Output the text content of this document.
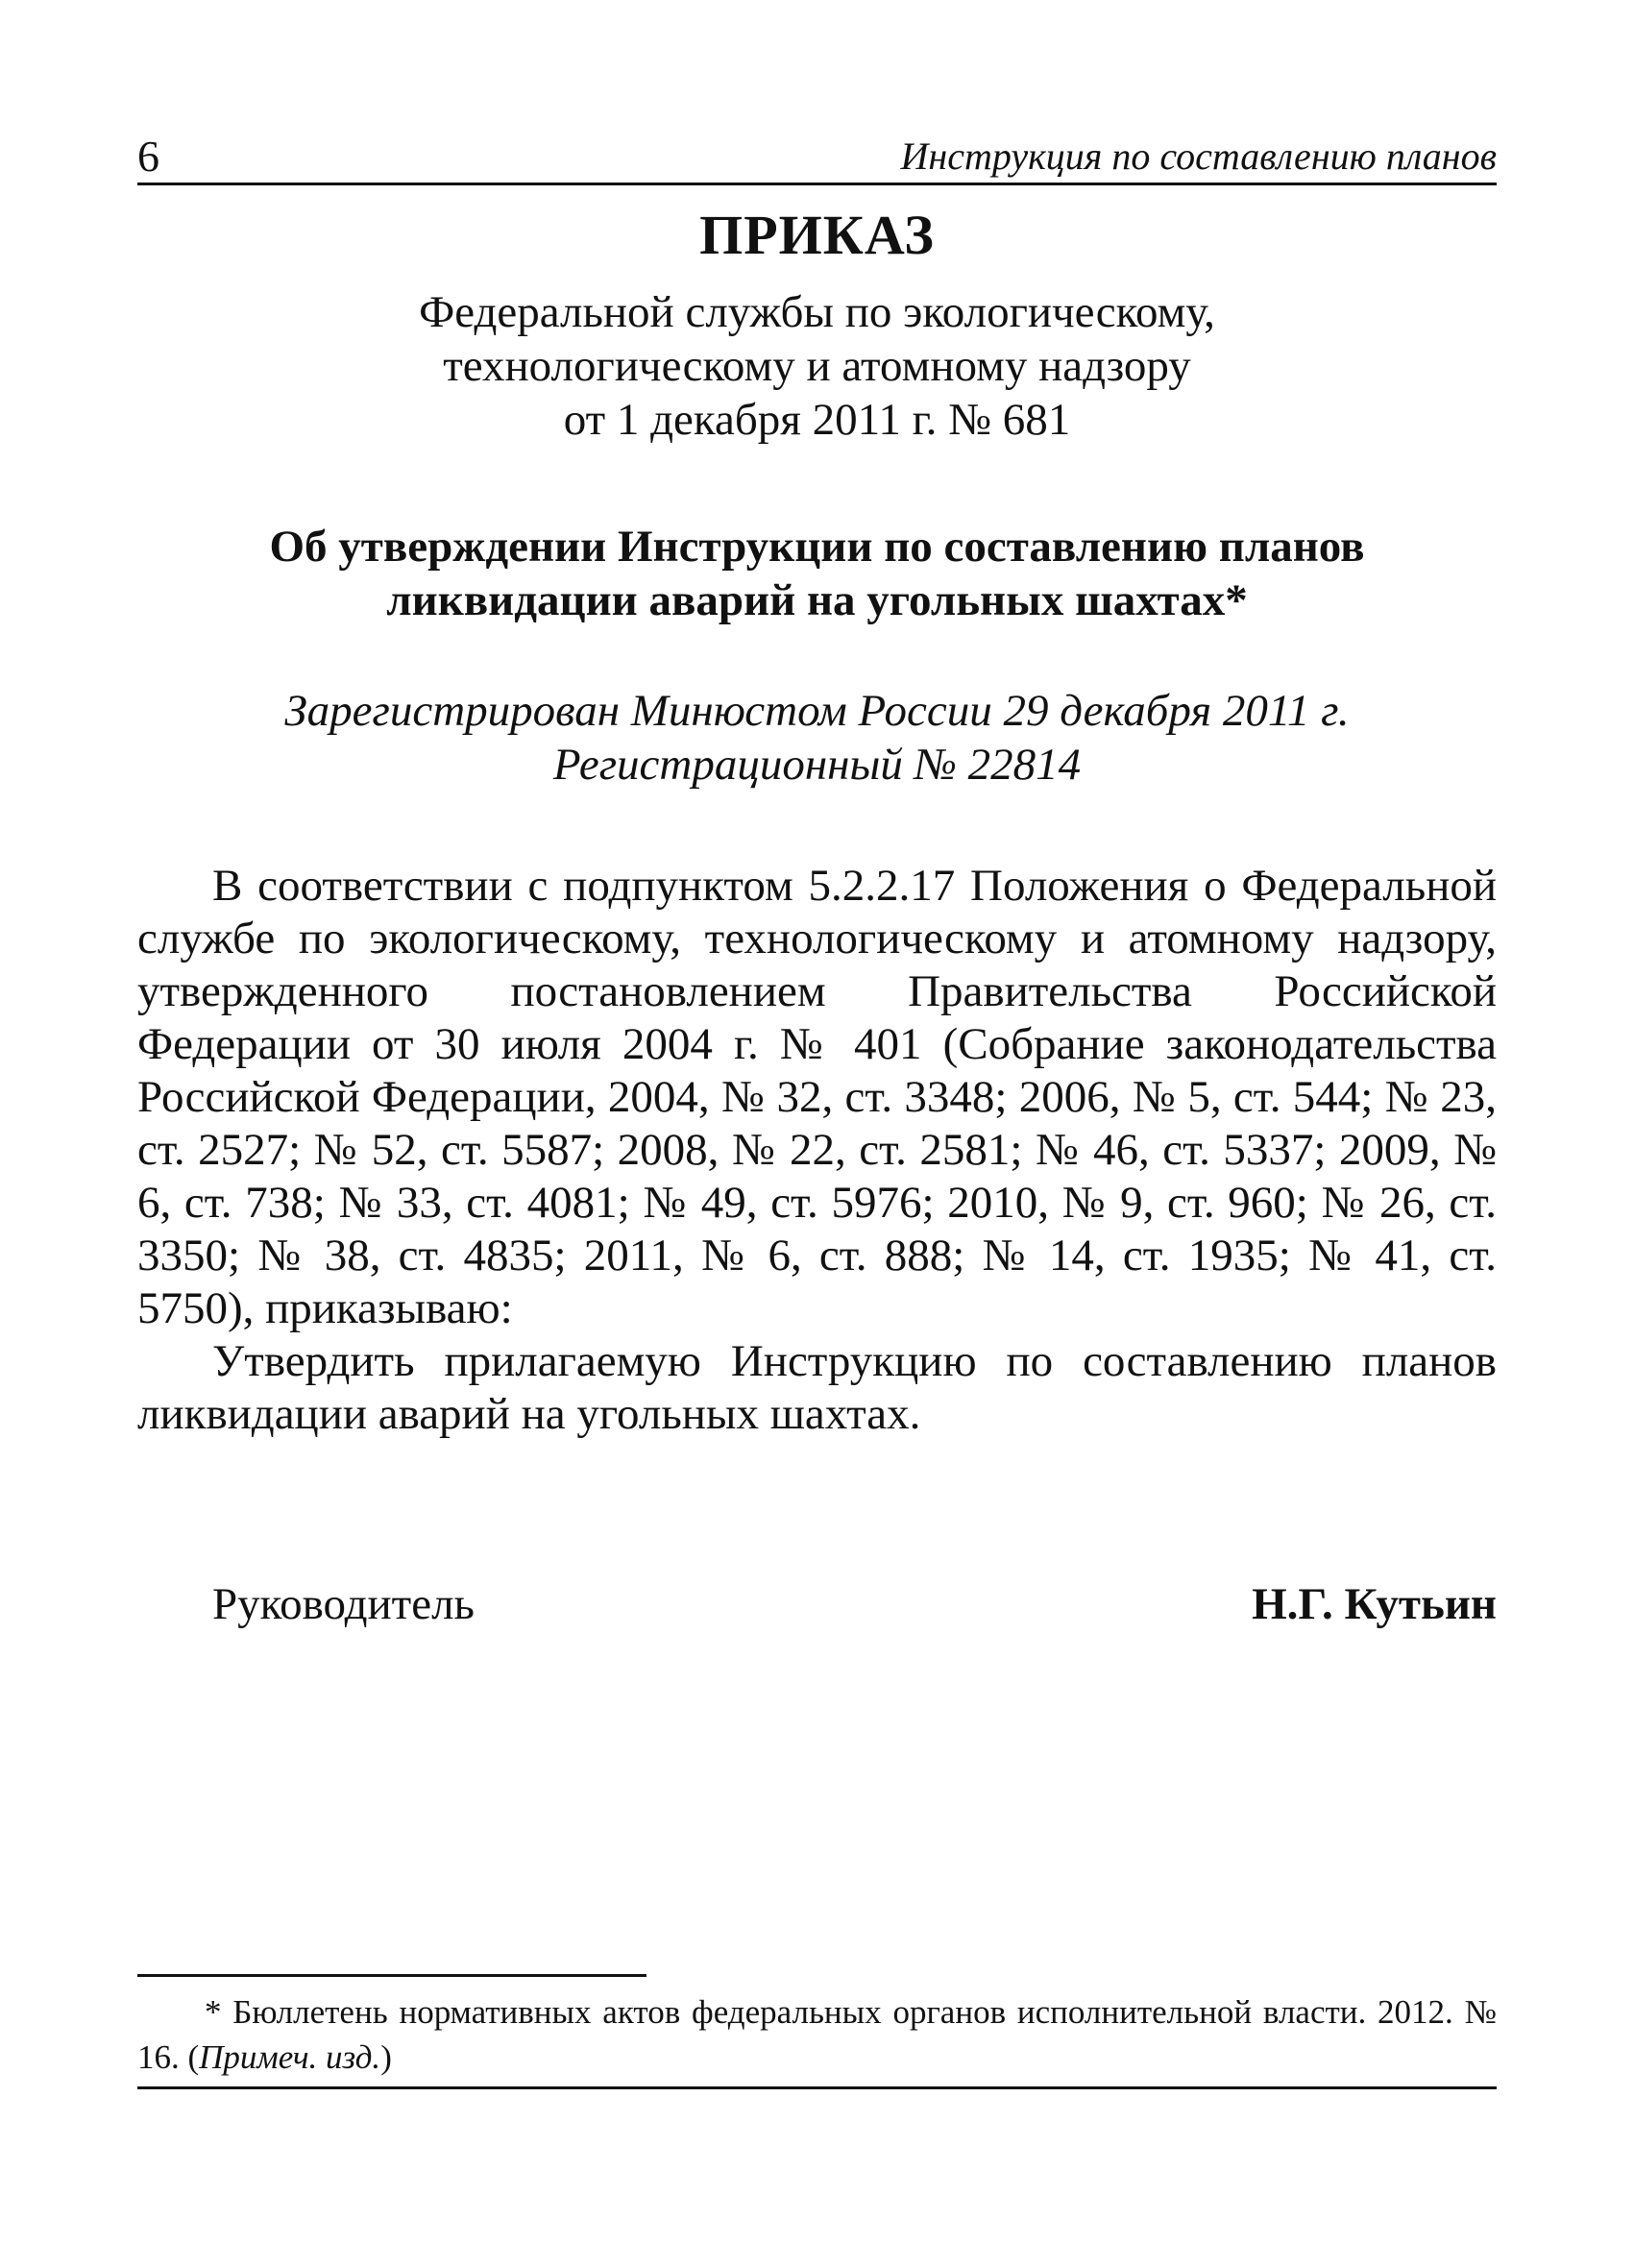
6	Инструкция по составлению планов
ПРИКАЗ
Федеральной службы по экологическому,
технологическому и атомному надзору
от 1 декабря 2011 г. № 681
Об утверждении Инструкции по составлению планов
ликвидации аварий на угольных шахтах*
Зарегистрирован Минюстом России 29 декабря 2011 г.
Регистрационный № 22814

В соответствии с подпунктом 5.2.2.17 Положения о Федеральной службе по экологическому, технологическому и атомному надзору, утвержденного постановлением Правительства Российской Федерации от 30 июля 2004 г. № 401 (Собрание законодательства Российской Федерации, 2004, № 32, ст. 3348; 2006, № 5, ст. 544; № 23, ст. 2527; № 52, ст. 5587; 2008, № 22, ст. 2581; № 46, ст. 5337; 2009, № 6, ст. 738; № 33, ст. 4081; № 49, ст. 5976; 2010, № 9, ст. 960; № 26, ст. 3350; № 38, ст. 4835; 2011, № 6, ст. 888; № 14, ст. 1935; № 41, ст. 5750), приказываю:

Утвердить прилагаемую Инструкцию по составлению планов ликвидации аварий на угольных шахтах.

Руководитель	Н.Г. Кутьин

* Бюллетень нормативных актов федеральных органов исполнительной власти. 2012. № 16. (Примеч. изд.)
